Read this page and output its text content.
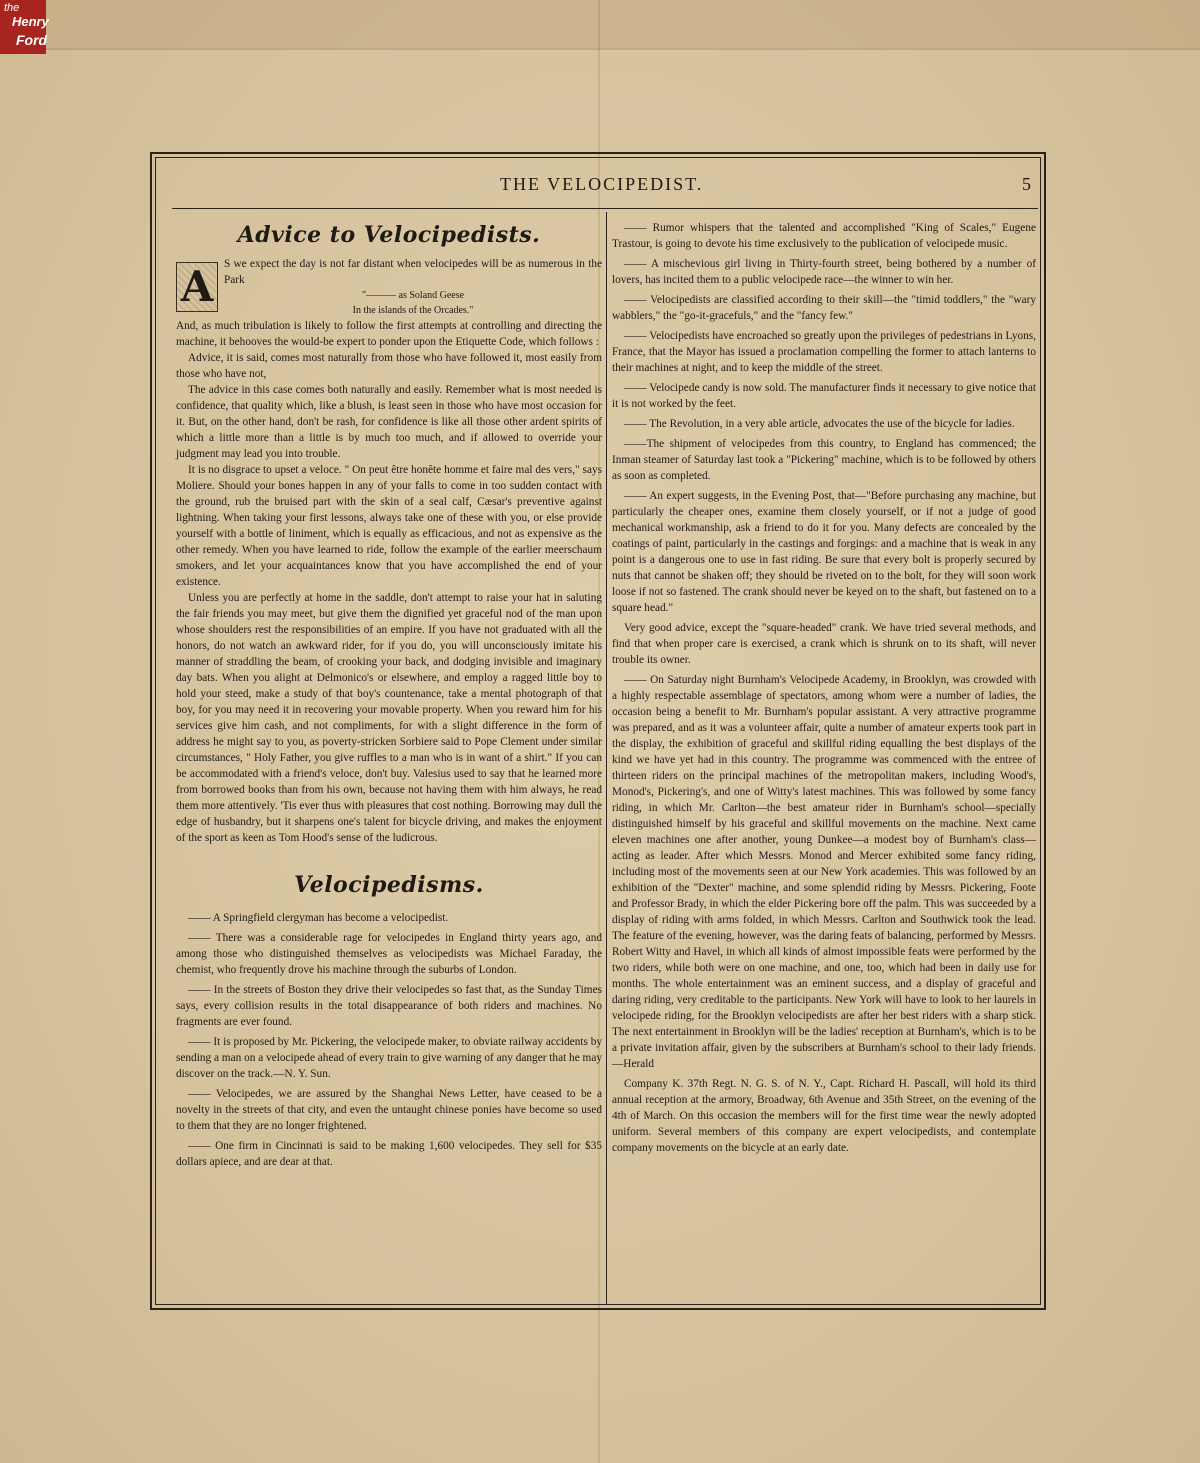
the
Henry
Ford
THE VELOCIPEDIST.	5
Advice to Velocipedists.
A S we expect the day is not far distant when velocipedes will be as numerous in the Park

"——— as Soland Geese
In the islands of the Orcades."

And, as much tribulation is likely to follow the first attempts at controlling and directing the machine, it behooves the would-be expert to ponder upon the Etiquette Code, which follows :

Advice, it is said, comes most naturally from those who have followed it, most easily from those who have not,

The advice in this case comes both naturally and easily. Remember what is most needed is confidence, that quality which, like a blush, is least seen in those who have most occasion for it. But, on the other hand, don't be rash, for confidence is like all those other ardent spirits of which a little more than a little is by much too much, and if allowed to override your judgment may lead you into trouble.

It is no disgrace to upset a veloce. " On peut être honête homme et faire mal des vers," says Moliere. Should your bones happen in any of your falls to come in too sudden contact with the ground, rub the bruised part with the skin of a seal calf, Cæsar's preventive against lightning. When taking your first lessons, always take one of these with you, or else provide yourself with a bottle of liniment, which is equally as efficacious, and not as expensive as the other remedy. When you have learned to ride, follow the example of the earlier meerschaum smokers, and let your acquaintances know that you have accomplished the end of your existence.

Unless you are perfectly at home in the saddle, don't attempt to raise your hat in saluting the fair friends you may meet, but give them the dignified yet graceful nod of the man upon whose shoulders rest the responsibilities of an empire. If you have not graduated with all the honors, do not watch an awkward rider, for if you do, you will unconsciously imitate his manner of straddling the beam, of crooking your back, and dodging invisible and imaginary day bats. When you alight at Delmonico's or elsewhere, and employ a ragged little boy to hold your steed, make a study of that boy's countenance, take a mental photograph of that boy, for you may need it in recovering your movable property. When you reward him for his services give him cash, and not compliments, for with a slight difference in the form of address he might say to you, as poverty-stricken Sorbiere said to Pope Clement under similar circumstances, " Holy Father, you give ruffles to a man who is in want of a shirt." If you can be accommodated with a friend's veloce, don't buy. Valesius used to say that he learned more from borrowed books than from his own, because not having them with him always, he read them more attentively. 'Tis ever thus with pleasures that cost nothing. Borrowing may dull the edge of husbandry, but it sharpens one's talent for bicycle driving, and makes the enjoyment of the sport as keen as Tom Hood's sense of the ludicrous.

Velocipedisms.

—— A Springfield clergyman has become a velocipedist.

—— There was a considerable rage for velocipedes in England thirty years ago, and among those who distinguished themselves as velocipedists was Michael Faraday, the chemist, who frequently drove his machine through the suburbs of London.

—— In the streets of Boston they drive their velocipedes so fast that, as the Sunday Times says, every collision results in the total disappearance of both riders and machines. No fragments are ever found.

—— It is proposed by Mr. Pickering, the velocipede maker, to obviate railway accidents by sending a man on a velocipede ahead of every train to give warning of any danger that he may discover on the track.—N. Y. Sun.

—— Velocipedes, we are assured by the Shanghai News Letter, have ceased to be a novelty in the streets of that city, and even the untaught chinese ponies have become so used to them that they are no longer frightened.

—— One firm in Cincinnati is said to be making 1,600 velocipedes. They sell for $35 dollars apiece, and are dear at that.

—— Rumor whispers that the talented and accomplished "King of Scales," Eugene Trastour, is going to devote his time exclusively to the publication of velocipede music.

—— A mischevious girl living in Thirty-fourth street, being bothered by a number of lovers, has incited them to a public velocipede race—the winner to win her.

—— Velocipedists are classified according to their skill—the "timid toddlers," the "wary wabblers," the "go-it-gracefuls," and the "fancy few."

—— Velocipedists have encroached so greatly upon the privileges of pedestrians in Lyons, France, that the Mayor has issued a proclamation compelling the former to attach lanterns to their machines at night, and to keep the middle of the street.

—— Velocipede candy is now sold. The manufacturer finds it necessary to give notice that it is not worked by the feet.

—— The Revolution, in a very able article, advocates the use of the bicycle for ladies.

——The shipment of velocipedes from this country, to England has commenced; the Inman steamer of Saturday last took a "Pickering" machine, which is to be followed by others as soon as completed.

—— An expert suggests, in the Evening Post, that—"Before purchasing any machine, but particularly the cheaper ones, examine them closely yourself, or if not a judge of good mechanical workmanship, ask a friend to do it for you. Many defects are concealed by the coatings of paint, particularly in the castings and forgings: and a machine that is weak in any point is a dangerous one to use in fast riding. Be sure that every bolt is properly secured by nuts that cannot be shaken off; they should be riveted on to the bolt, for they will soon work loose if not so fastened. The crank should never be keyed on to the shaft, but fastened on to a square head."

Very good advice, except the "square-headed" crank. We have tried several methods, and find that when proper care is exercised, a crank which is shrunk on to its shaft, will never trouble its owner.

—— On Saturday night Burnham's Velocipede Academy, in Brooklyn, was crowded with a highly respectable assemblage of spectators, among whom were a number of ladies, the occasion being a benefit to Mr. Burnham's popular assistant. A very attractive programme was prepared, and as it was a volunteer affair, quite a number of amateur experts took part in the display, the exhibition of graceful and skillful riding equalling the best displays of the kind we have yet had in this country. The programme was commenced with the entree of thirteen riders on the principal machines of the metropolitan makers, including Wood's, Monod's, Pickering's, and one of Witty's latest machines. This was followed by some fancy riding, in which Mr. Carlton—the best amateur rider in Burnham's school—specially distinguished himself by his graceful and skillful movements on the machine. Next came eleven machines one after another, young Dunkee—a modest boy of Burnham's class—acting as leader. After which Messrs. Monod and Mercer exhibited some fancy riding, including most of the movements seen at our New York academies. This was followed by an exhibition of the "Dexter" machine, and some splendid riding by Messrs. Pickering, Foote and Professor Brady, in which the elder Pickering bore off the palm. This was succeeded by a display of riding with arms folded, in which Messrs. Carlton and Southwick took the lead. The feature of the evening, however, was the daring feats of balancing, performed by Messrs. Robert Witty and Havel, in which all kinds of almost impossible feats were performed by the two riders, while both were on one machine, and one, too, which had been in daily use for months. The whole entertainment was an eminent success, and a display of graceful and daring riding, very creditable to the participants. New York will have to look to her laurels in velocipede riding, for the Brooklyn velocipedists are after her best riders with a sharp stick. The next entertainment in Brooklyn will be the ladies' reception at Burnham's, which is to be a private invitation affair, given by the subscribers at Burnham's school to their lady friends.—Herald

Company K. 37th Regt. N. G. S. of N. Y., Capt. Richard H. Pascall, will hold its third annual reception at the armory, Broadway, 6th Avenue and 35th Street, on the evening of the 4th of March. On this occasion the members will for the first time wear the newly adopted uniform. Several members of this company are expert velocipedists, and contemplate company movements on the bicycle at an early date.
